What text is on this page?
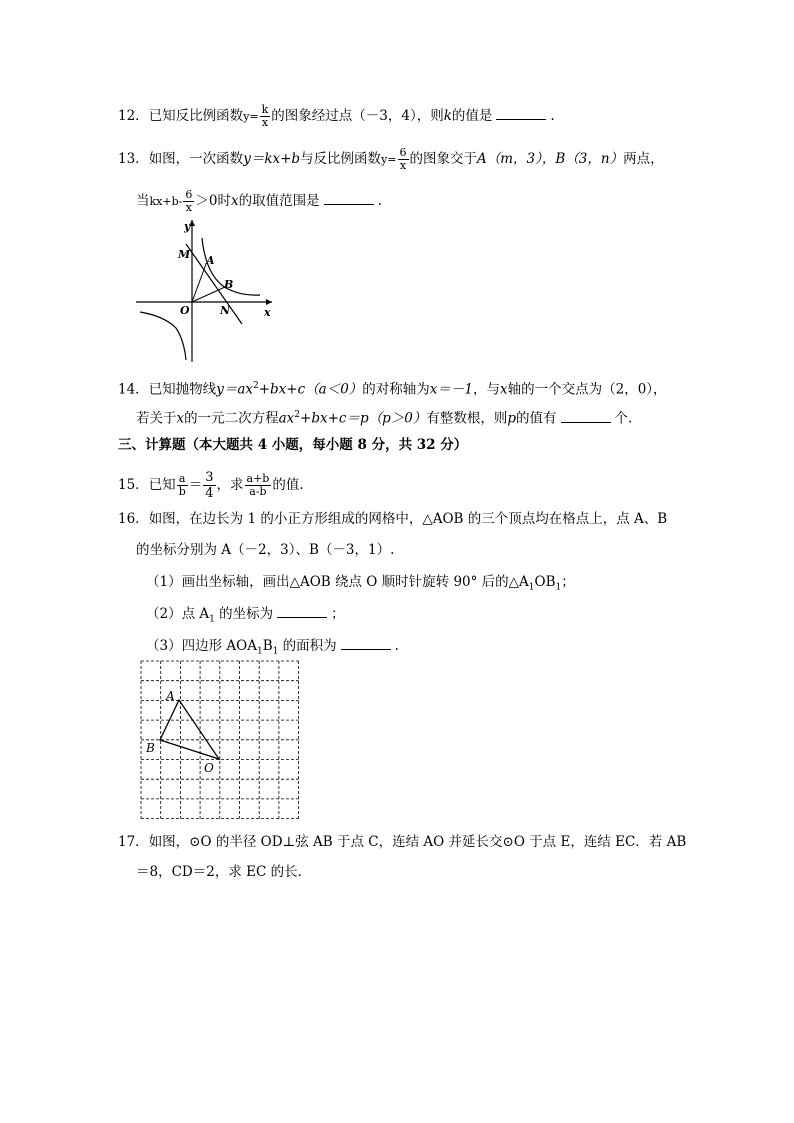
12．已知反比例函数$y= \frac{k}{x}$ 的图象经过点（－3，4），则k的值是	.
13．如图，一次函数y＝kx+b与反比例函数$y= \frac{6}{x}$ 的图象交于A（m，3），B（3，n）两点，
当$kx+b- \frac{6}{x} >0$时x的取值范围是	.
y
x
M A
B
O	N
14．已知抛物线$y=ax^2+bx+c(a<0)$的对称轴为x＝－1，与x轴的一个交点为（2，0），
若关于x的一元二次方程$ax^2+bx+c=p(p>0)$有整数根，则p的值有	个.
三、计算题（本大题共 4 小题，每小题 8 分，共 32 分）
15．已知 $\frac{a}{b} = \frac{3}{4}$ ，求 $\frac{a+b}{a-b}$ 的值.
16．如图，在边长为 1 的小正方形组成的网格中，△AOB 的三个顶点均在格点上，点 A、B
的坐标分别为 A（－2，3）、B（－3，1）.
（1）画出坐标轴，画出△AOB 绕点 O 顺时针旋转 90° 后的$\triangle A_1OB_1$；
（2）点 $A_1$ 的坐标为	；
（3）四边形 $AOA_1B_1$ 的面积为	.
A
B
O
17．如图，⊙O 的半径 OD⊥弦 AB 于点 C，连结 AO 并延长交⊙O 于点 E，连结 EC．若 AB
＝8，CD＝2，求 EC 的长.
